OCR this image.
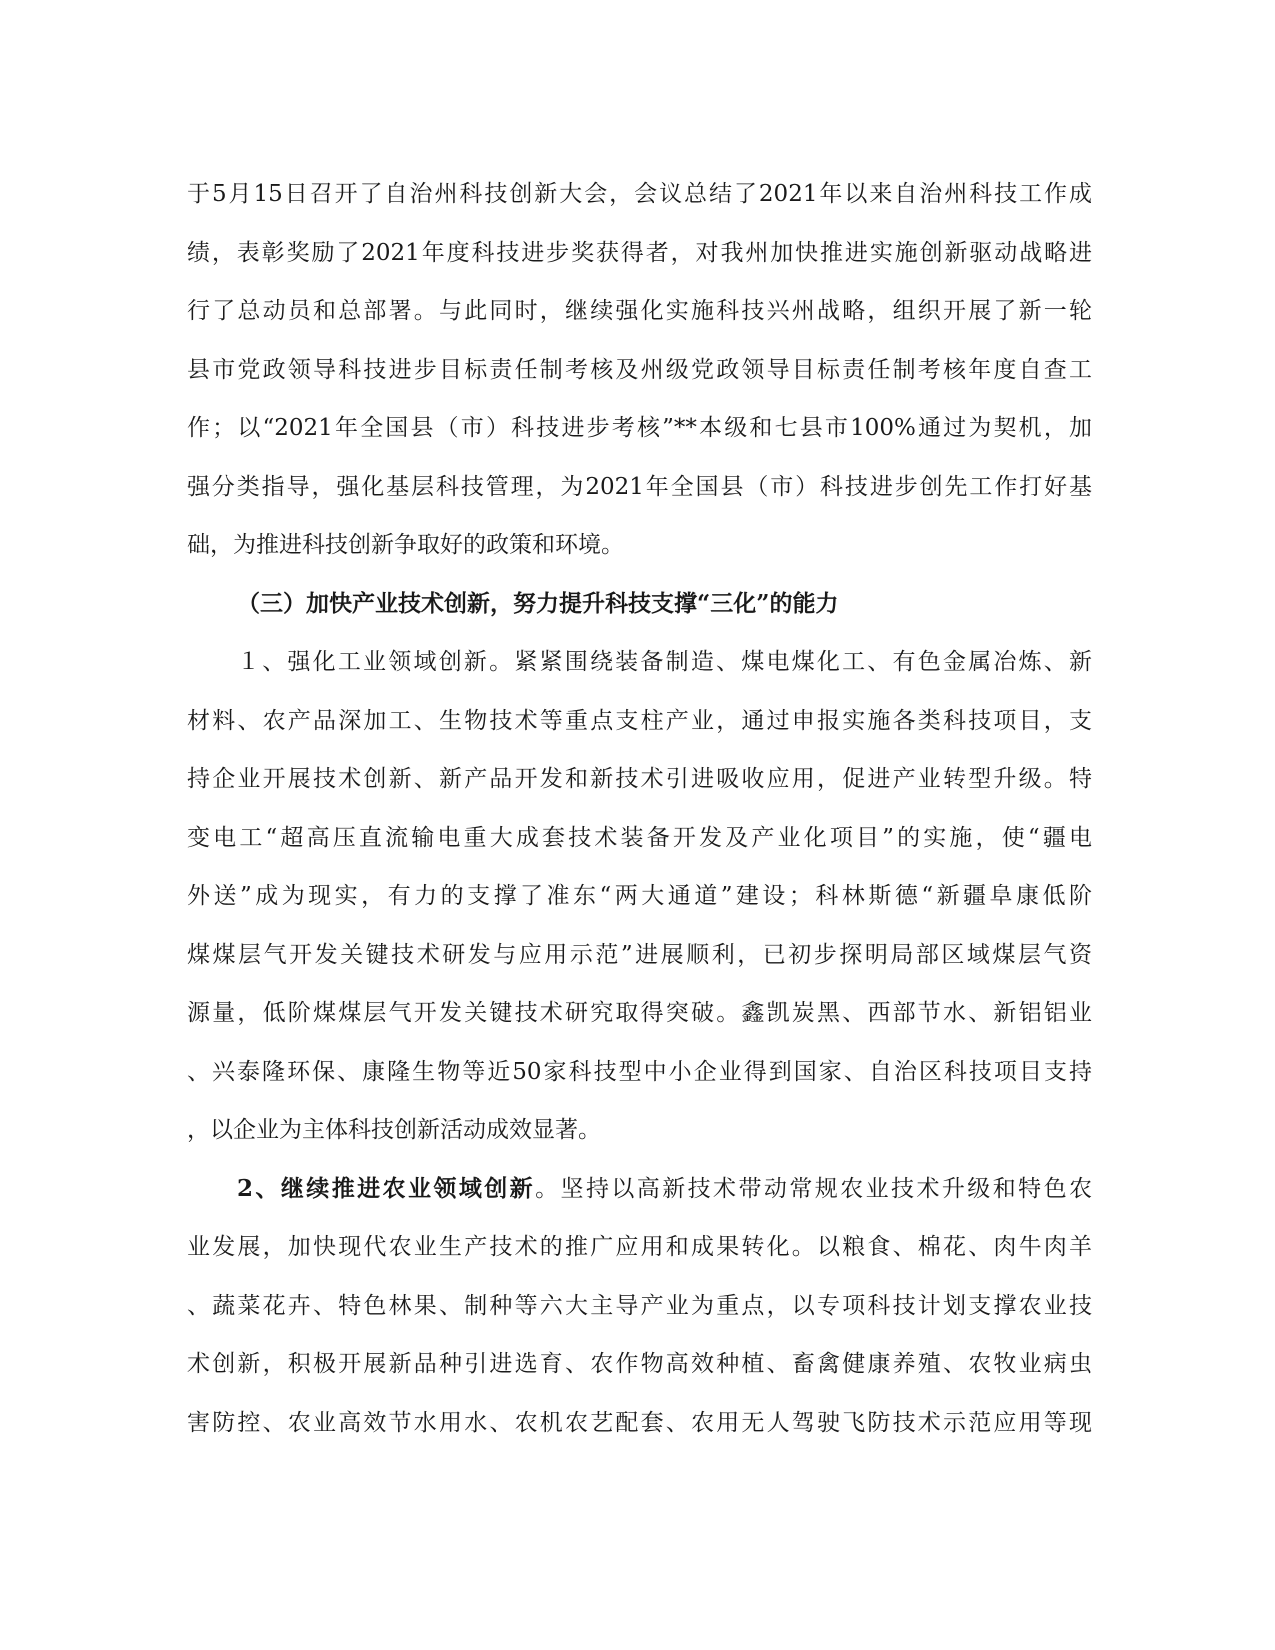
于5月15日召开了自治州科技创新大会，会议总结了2021年以来自治州科技工作成
绩，表彰奖励了2021年度科技进步奖获得者，对我州加快推进实施创新驱动战略进
行了总动员和总部署。与此同时，继续强化实施科技兴州战略，组织开展了新一轮
县市党政领导科技进步目标责任制考核及州级党政领导目标责任制考核年度自查工
作；以“2021年全国县（市）科技进步考核”**本级和七县市100%通过为契机，加
强分类指导，强化基层科技管理，为2021年全国县（市）科技进步创先工作打好基
础，为推进科技创新争取好的政策和环境。
（三）加快产业技术创新，努力提升科技支撑“三化”的能力
１、强化工业领域创新。紧紧围绕装备制造、煤电煤化工、有色金属冶炼、新
材料、农产品深加工、生物技术等重点支柱产业，通过申报实施各类科技项目，支
持企业开展技术创新、新产品开发和新技术引进吸收应用，促进产业转型升级。特
变电工“超高压直流输电重大成套技术装备开发及产业化项目”的实施，使“疆电
外送”成为现实，有力的支撑了准东“两大通道”建设；科林斯德“新疆阜康低阶
煤煤层气开发关键技术研发与应用示范”进展顺利，已初步探明局部区域煤层气资
源量，低阶煤煤层气开发关键技术研究取得突破。鑫凯炭黑、西部节水、新铝铝业
、兴泰隆环保、康隆生物等近50家科技型中小企业得到国家、自治区科技项目支持
，以企业为主体科技创新活动成效显著。
2、继续推进农业领域创新。坚持以高新技术带动常规农业技术升级和特色农
业发展，加快现代农业生产技术的推广应用和成果转化。以粮食、棉花、肉牛肉羊
、蔬菜花卉、特色林果、制种等六大主导产业为重点，以专项科技计划支撑农业技
术创新，积极开展新品种引进选育、农作物高效种植、畜禽健康养殖、农牧业病虫
害防控、农业高效节水用水、农机农艺配套、农用无人驾驶飞防技术示范应用等现
